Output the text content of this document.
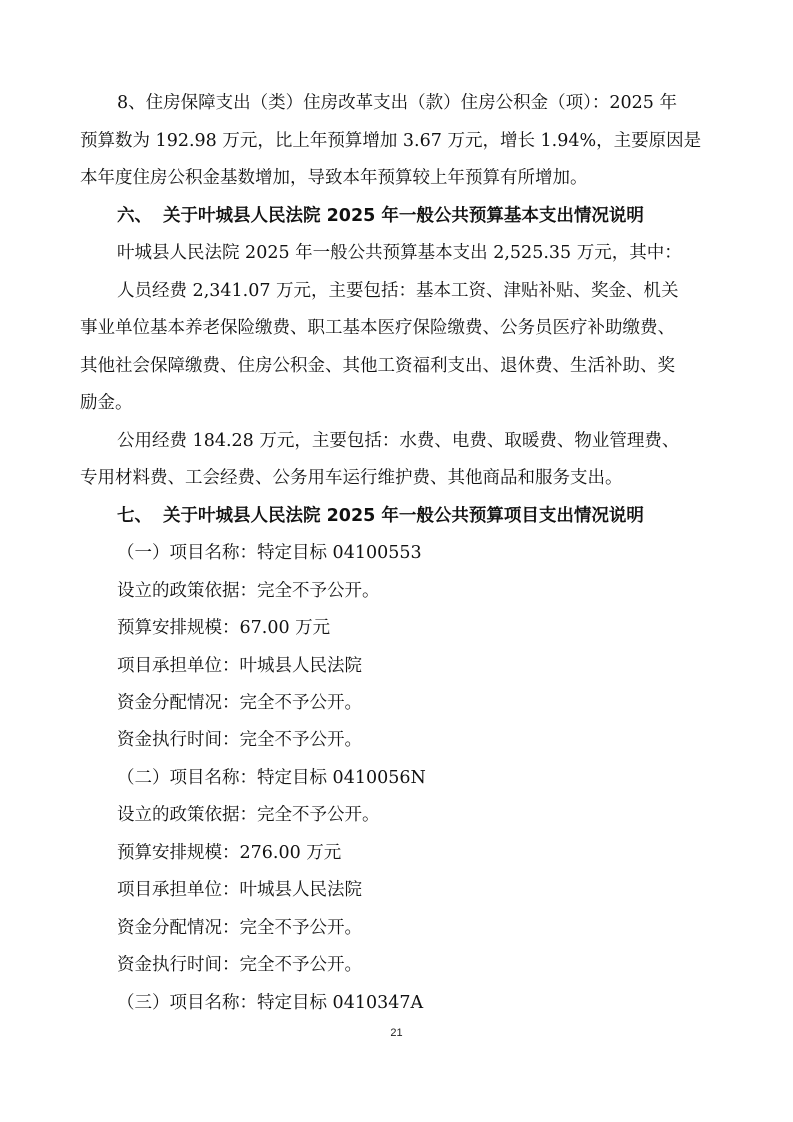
8、住房保障支出（类）住房改革支出（款）住房公积金（项）：2025 年
预算数为 192.98 万元，比上年预算增加 3.67 万元，增长 1.94%，主要原因是
本年度住房公积金基数增加，导致本年预算较上年预算有所增加。
六、 关于叶城县人民法院 2025 年一般公共预算基本支出情况说明
叶城县人民法院 2025 年一般公共预算基本支出 2,525.35 万元，其中：
人员经费 2,341.07 万元，主要包括：基本工资、津贴补贴、奖金、机关
事业单位基本养老保险缴费、职工基本医疗保险缴费、公务员医疗补助缴费、
其他社会保障缴费、住房公积金、其他工资福利支出、退休费、生活补助、奖
励金。
公用经费 184.28 万元，主要包括：水费、电费、取暖费、物业管理费、
专用材料费、工会经费、公务用车运行维护费、其他商品和服务支出。
七、 关于叶城县人民法院 2025 年一般公共预算项目支出情况说明
（一）项目名称：特定目标 04100553
设立的政策依据：完全不予公开。
预算安排规模：67.00 万元
项目承担单位：叶城县人民法院
资金分配情况：完全不予公开。
资金执行时间：完全不予公开。
（二）项目名称：特定目标 0410056N
设立的政策依据：完全不予公开。
预算安排规模：276.00 万元
项目承担单位：叶城县人民法院
资金分配情况：完全不予公开。
资金执行时间：完全不予公开。
（三）项目名称：特定目标 0410347A
21
